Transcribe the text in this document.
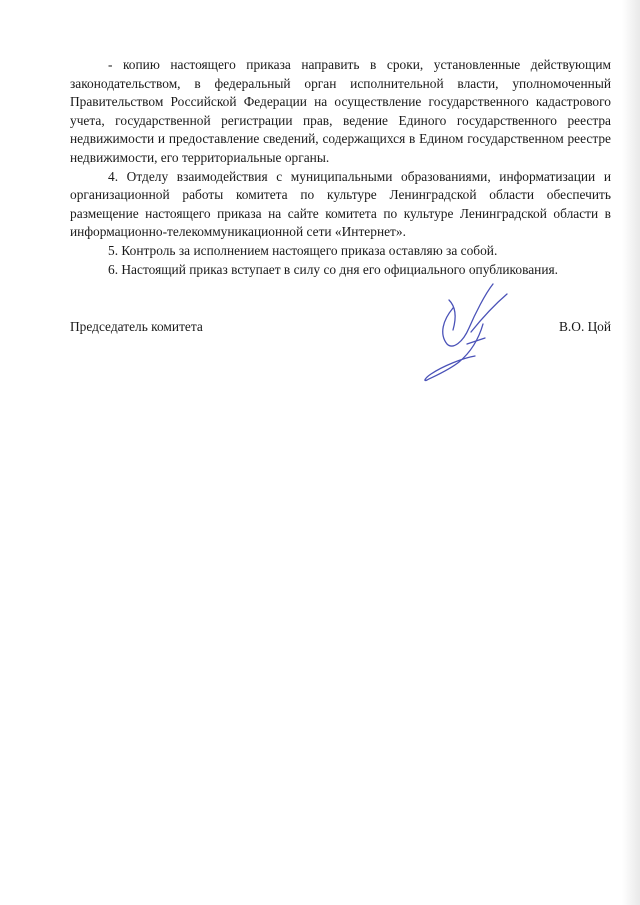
- копию настоящего приказа направить в сроки, установленные действующим законодательством, в федеральный орган исполнительной власти, уполномоченный Правительством Российской Федерации на осуществление государственного кадастрового учета, государственной регистрации прав, ведение Единого государственного реестра недвижимости и предоставление сведений, содержащихся в Едином государственном реестре недвижимости, его территориальные органы.

4. Отделу взаимодействия с муниципальными образованиями, информатизации и организационной работы комитета по культуре Ленинградской области обеспечить размещение настоящего приказа на сайте комитета по культуре Ленинградской области в информационно-телекоммуникационной сети «Интернет».

5. Контроль за исполнением настоящего приказа оставляю за собой.

6. Настоящий приказ вступает в силу со дня его официального опубликования.

Председатель комитета	В.О. Цой
